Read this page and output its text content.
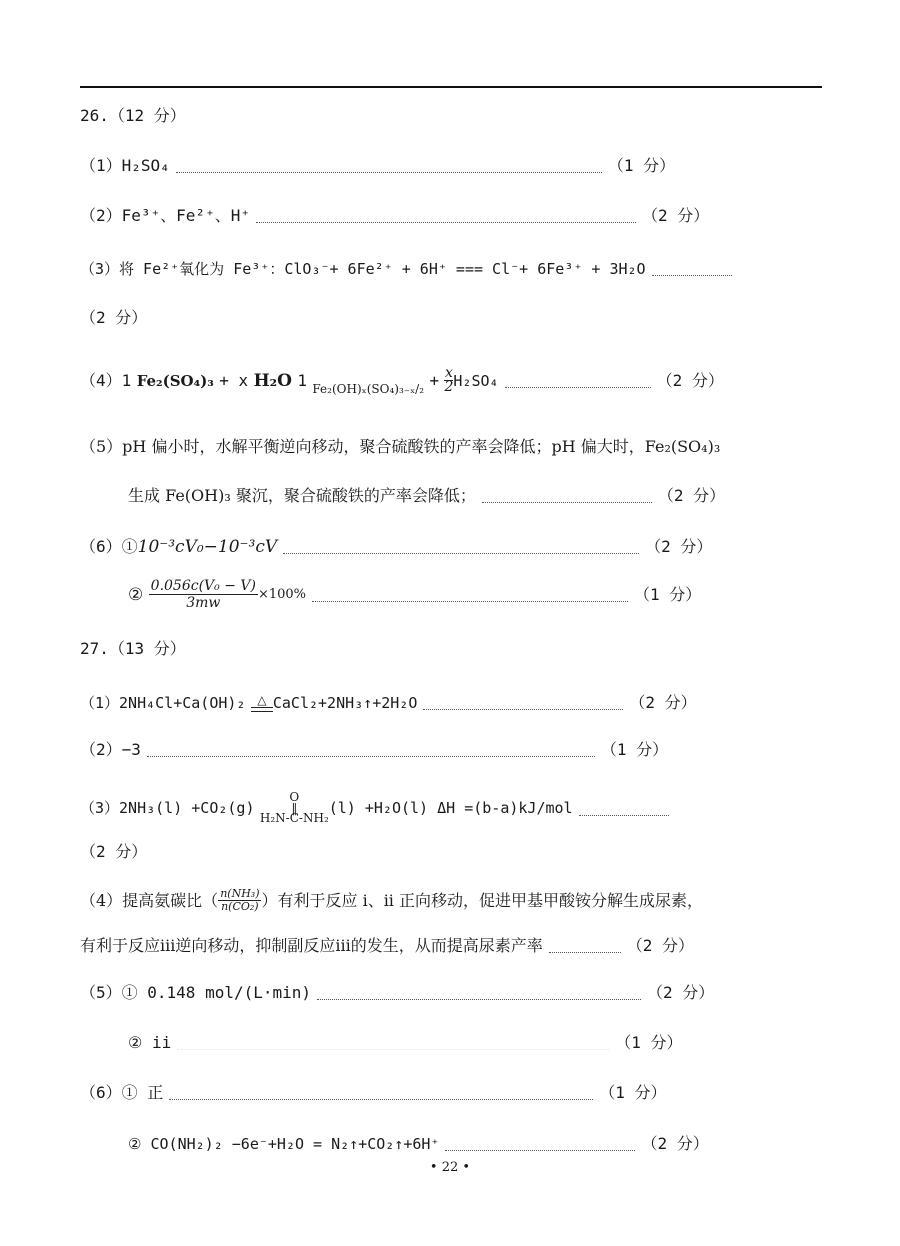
26.（12 分）
（1）H₂SO₄	（1 分）
（2）Fe³⁺、Fe²⁺、H⁺	（2 分）
（3）将 Fe²⁺氧化为 Fe³⁺：ClO₃⁻+ 6Fe²⁺ + 6H⁺ === Cl⁻+ 6Fe³⁺ + 3H₂O
（2 分）
（4）1 Fe₂(SO₄)₃ + x H₂O 1 $Fe_2(OH)_x(SO_4)_{3-x}/_2 + \frac{x}{2} H_2SO_4$	（2 分）
（5）pH 偏小时，水解平衡逆向移动，聚合硫酸铁的产率会降低；pH 偏大时，Fe₂(SO₄)₃
生成 Fe(OH)₃ 聚沉，聚合硫酸铁的产率会降低；	（2 分）
（6）①10⁻³cV₀−10⁻³cV	（2 分）
② $\frac{\text{0.056c(V₀ − V)}}{3mw} \times 100\%$	（1 分）
27.（13 分）
（1）2NH₄Cl+Ca(OH)₂ △ CaCl₂+2NH₃↑+2H₂O	（2 分）
（2）−3	（1 分）
（3）2NH₃(l) +CO₂(g)
O
‖
H₂N-C-NH₂
(l) +H₂O(l) ΔH =(b-a)kJ/mol
（2 分）
（4）提高氨碳比（ $\frac{\text{n(NH₃)}}{\text{n(CO₂)}}$ ）有利于反应 i、ii 正向移动，促进甲基甲酸铵分解生成尿素，
有利于反应iii逆向移动，抑制副反应iii的发生，从而提高尿素产率	（2 分）
（5）① 0.148 mol/(L·min)	（2 分）
② ii	（1 分）
（6）① 正	（1 分）
② CO(NH₂)₂ −6e⁻+H₂O = N₂↑+CO₂↑+6H⁺	（2 分）
• 22 •
